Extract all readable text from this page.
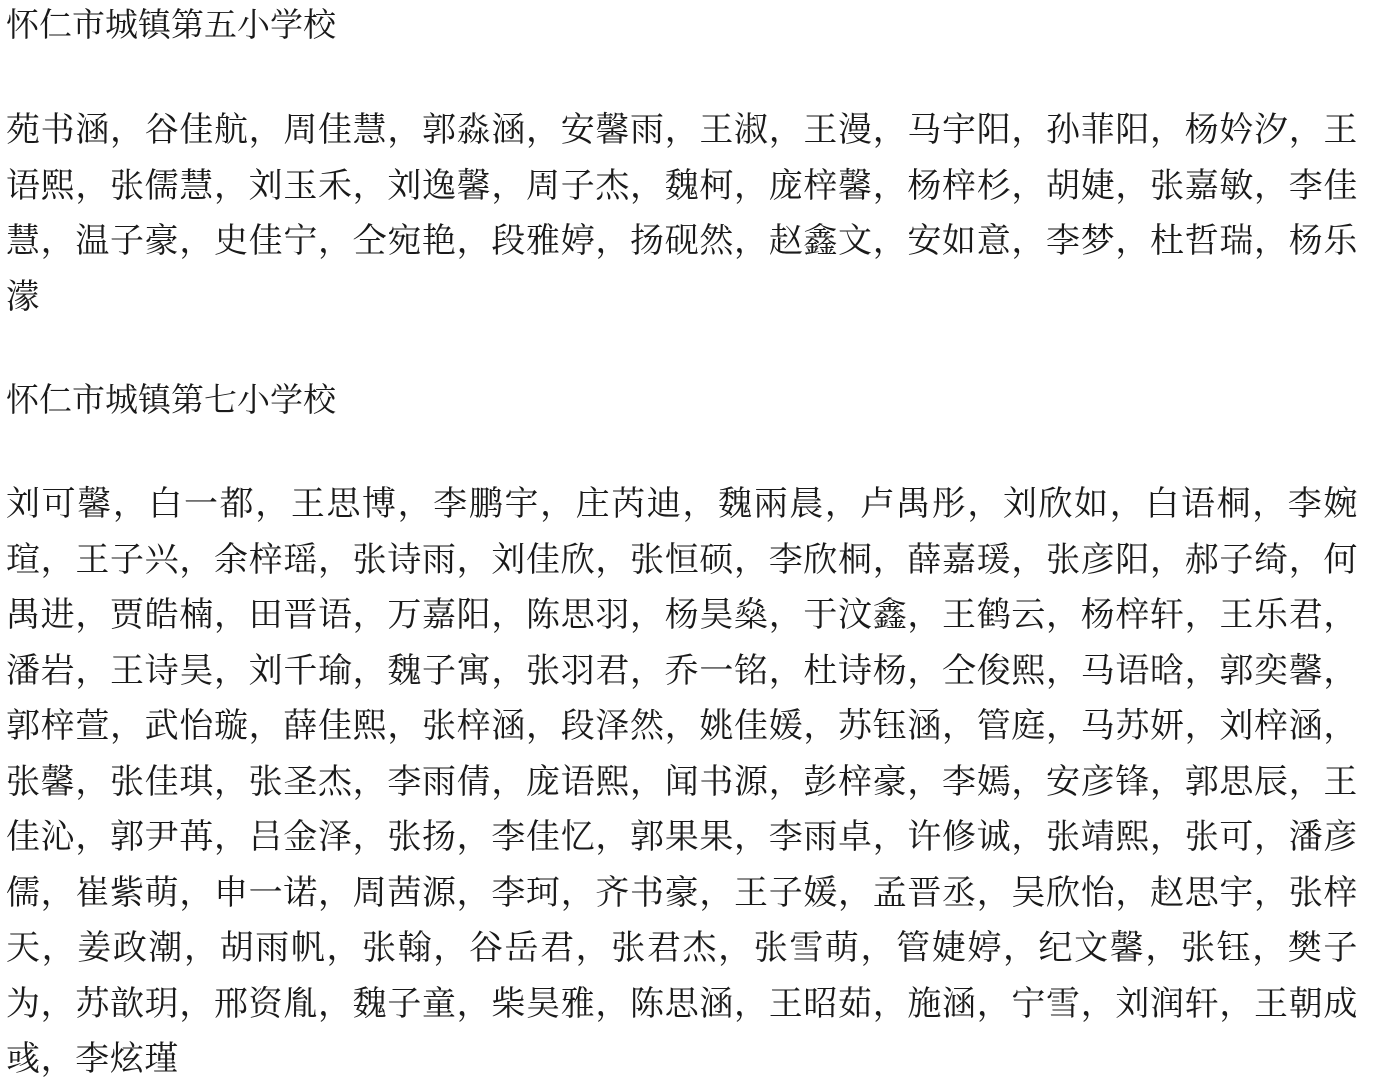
怀仁市城镇第五小学校

苑书涵，谷佳航，周佳慧，郭淼涵，安馨雨，王淑，王漫，马宇阳，孙菲阳，杨妗汐，王语熙，张儒慧，刘玉禾，刘逸馨，周子杰，魏柯，庞梓馨，杨梓杉，胡婕，张嘉敏，李佳慧，温子豪，史佳宁，仝宛艳，段雅婷，扬砚然，赵鑫文，安如意，李梦，杜哲瑞，杨乐濛

怀仁市城镇第七小学校

刘可馨，白一都，王思博，李鹏宇，庄芮迪，魏兩晨，卢禺彤，刘欣如，白语桐，李婉瑄，王子兴，余梓瑶，张诗雨，刘佳欣，张恒硕，李欣桐，薛嘉瑗，张彦阳，郝子绮，何禺进，贾皓楠，田晋语，万嘉阳，陈思羽，杨昊燊，于汶鑫，王鹤云，杨梓轩，王乐君，潘岩，王诗昊，刘千瑜，魏子寓，张羽君，乔一铭，杜诗杨，仝俊熙，马语晗，郭奕馨，郭梓萱，武怡璇，薛佳熙，张梓涵，段泽然，姚佳媛，苏钰涵，管庭，马苏妍，刘梓涵，张馨，张佳琪，张圣杰，李雨倩，庞语熙，闻书源，彭梓豪，李嫣，安彦锋，郭思辰，王佳沁，郭尹苒，吕金泽，张扬，李佳忆，郭果果，李雨卓，许修诚，张靖熙，张可，潘彦儒，崔紫萌，申一诺，周茜源，李珂，齐书豪，王子媛，孟晋丞，吴欣怡，赵思宇，张梓天，姜政潮，胡雨帆，张翰，谷岳君，张君杰，张雪萌，管婕婷，纪文馨，张钰，樊子为，苏歆玥，邢资胤，魏子童，柴昊雅，陈思涵，王昭茹，施涵，宁雪，刘润轩，王朝成彧，李炫瑾
